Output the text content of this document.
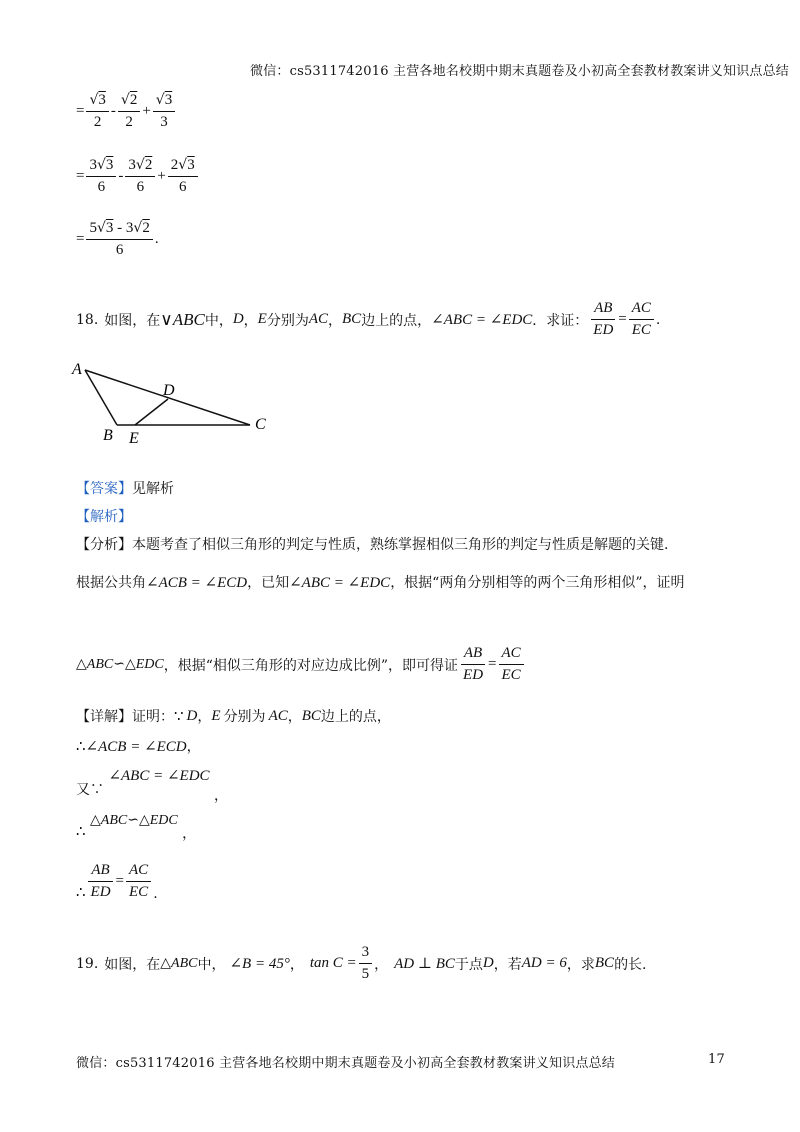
微信：cs5311742016 主营各地名校期中期末真题卷及小初高全套教材教案讲义知识点总结
= $\frac{√3}{2} - \frac{√2}{2} + \frac{√3}{3}$
= $\frac{3√3}{6} - \frac{3√2}{6} + \frac{2√3}{6}$
= $\frac{5√3 - 3√2}{6}$ .
18. 如图，在 ∨ABC 中， D ， E 分别为 AC ， BC 边上的点， ∠ABC = ∠EDC ．求证： $\frac{AB}{ED} = \frac{AC}{EC}$ .
A
B
C
D
E
【答案】见解析
【解析】
【分析】本题考查了相似三角形的判定与性质，熟练掌握相似三角形的判定与性质是解题的关键.
根据公共角 ∠ACB = ∠ECD ，已知 ∠ABC = ∠EDC ，根据“两角分别相等的两个三角形相似”，证明
△ABC∽△EDC ，根据“相似三角形的对应边成比例”，即可得证 $\frac{AB}{ED} = \frac{AC}{EC}$
【详解】 证明： ∵ D ， E 分别为 AC ， BC 边上的点，
∴ ∠ACB = ∠ECD ，
又∵ ∠ABC = ∠EDC ，
∴ △ABC∽△EDC ，
∴ $\frac{AB}{ED} = \frac{AC}{EC}$ .
19. 如图，在 △ABC 中， ∠B = 45° ， $\tan C = \frac{3}{5}$ ， AD ⊥ BC 于点 D ，若 AD = 6 ，求 BC 的长.
微信：cs5311742016 主营各地名校期中期末真题卷及小初高全套教材教案讲义知识点总结	17
